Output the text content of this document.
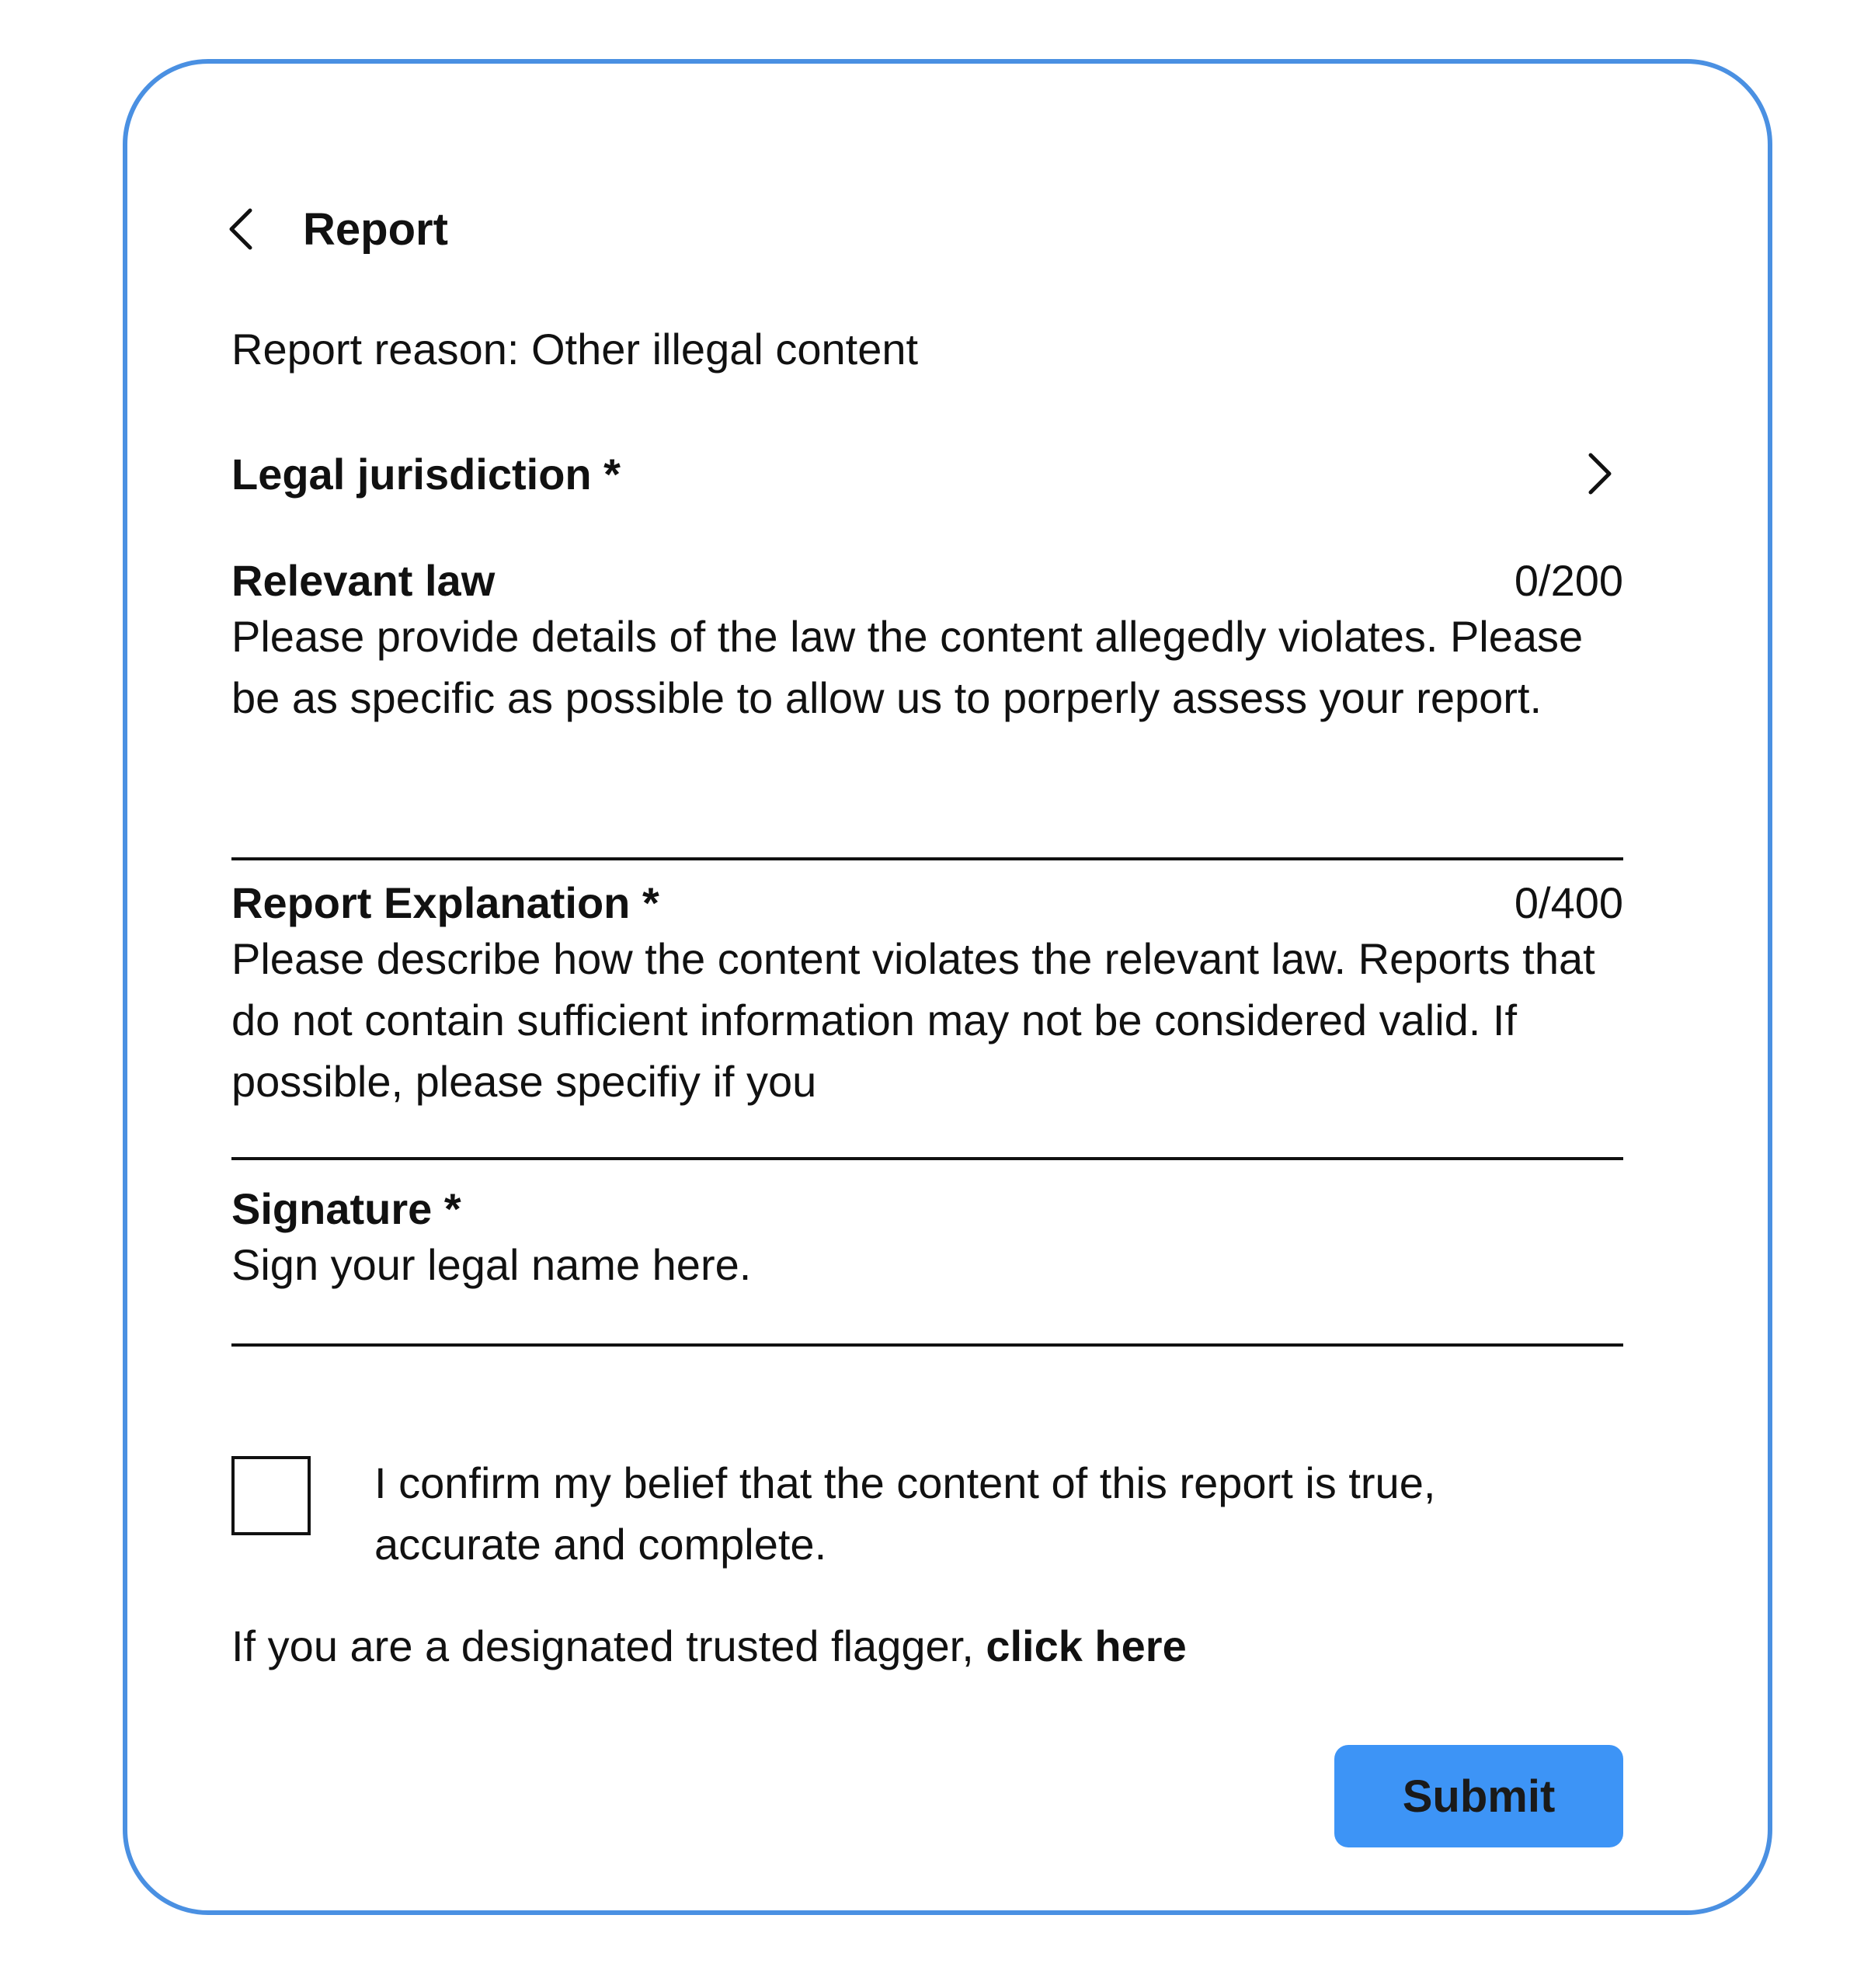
Report
Report reason: Other illegal content
Legal jurisdiction *
Relevant law	0/200

Please provide details of the law the content allegedly violates. Please be as specific as possible to allow us to porperly assess your report.

Report Explanation *	0/400

Please describe how the content violates the relevant law. Reports that do not contain sufficient information may not be considered valid. If possible, please specifiy if you

Signature *

Sign your legal name here.

I confirm my belief that the content of this report is true, accurate and complete.
If you are a designated trusted flagger, click here
Submit
